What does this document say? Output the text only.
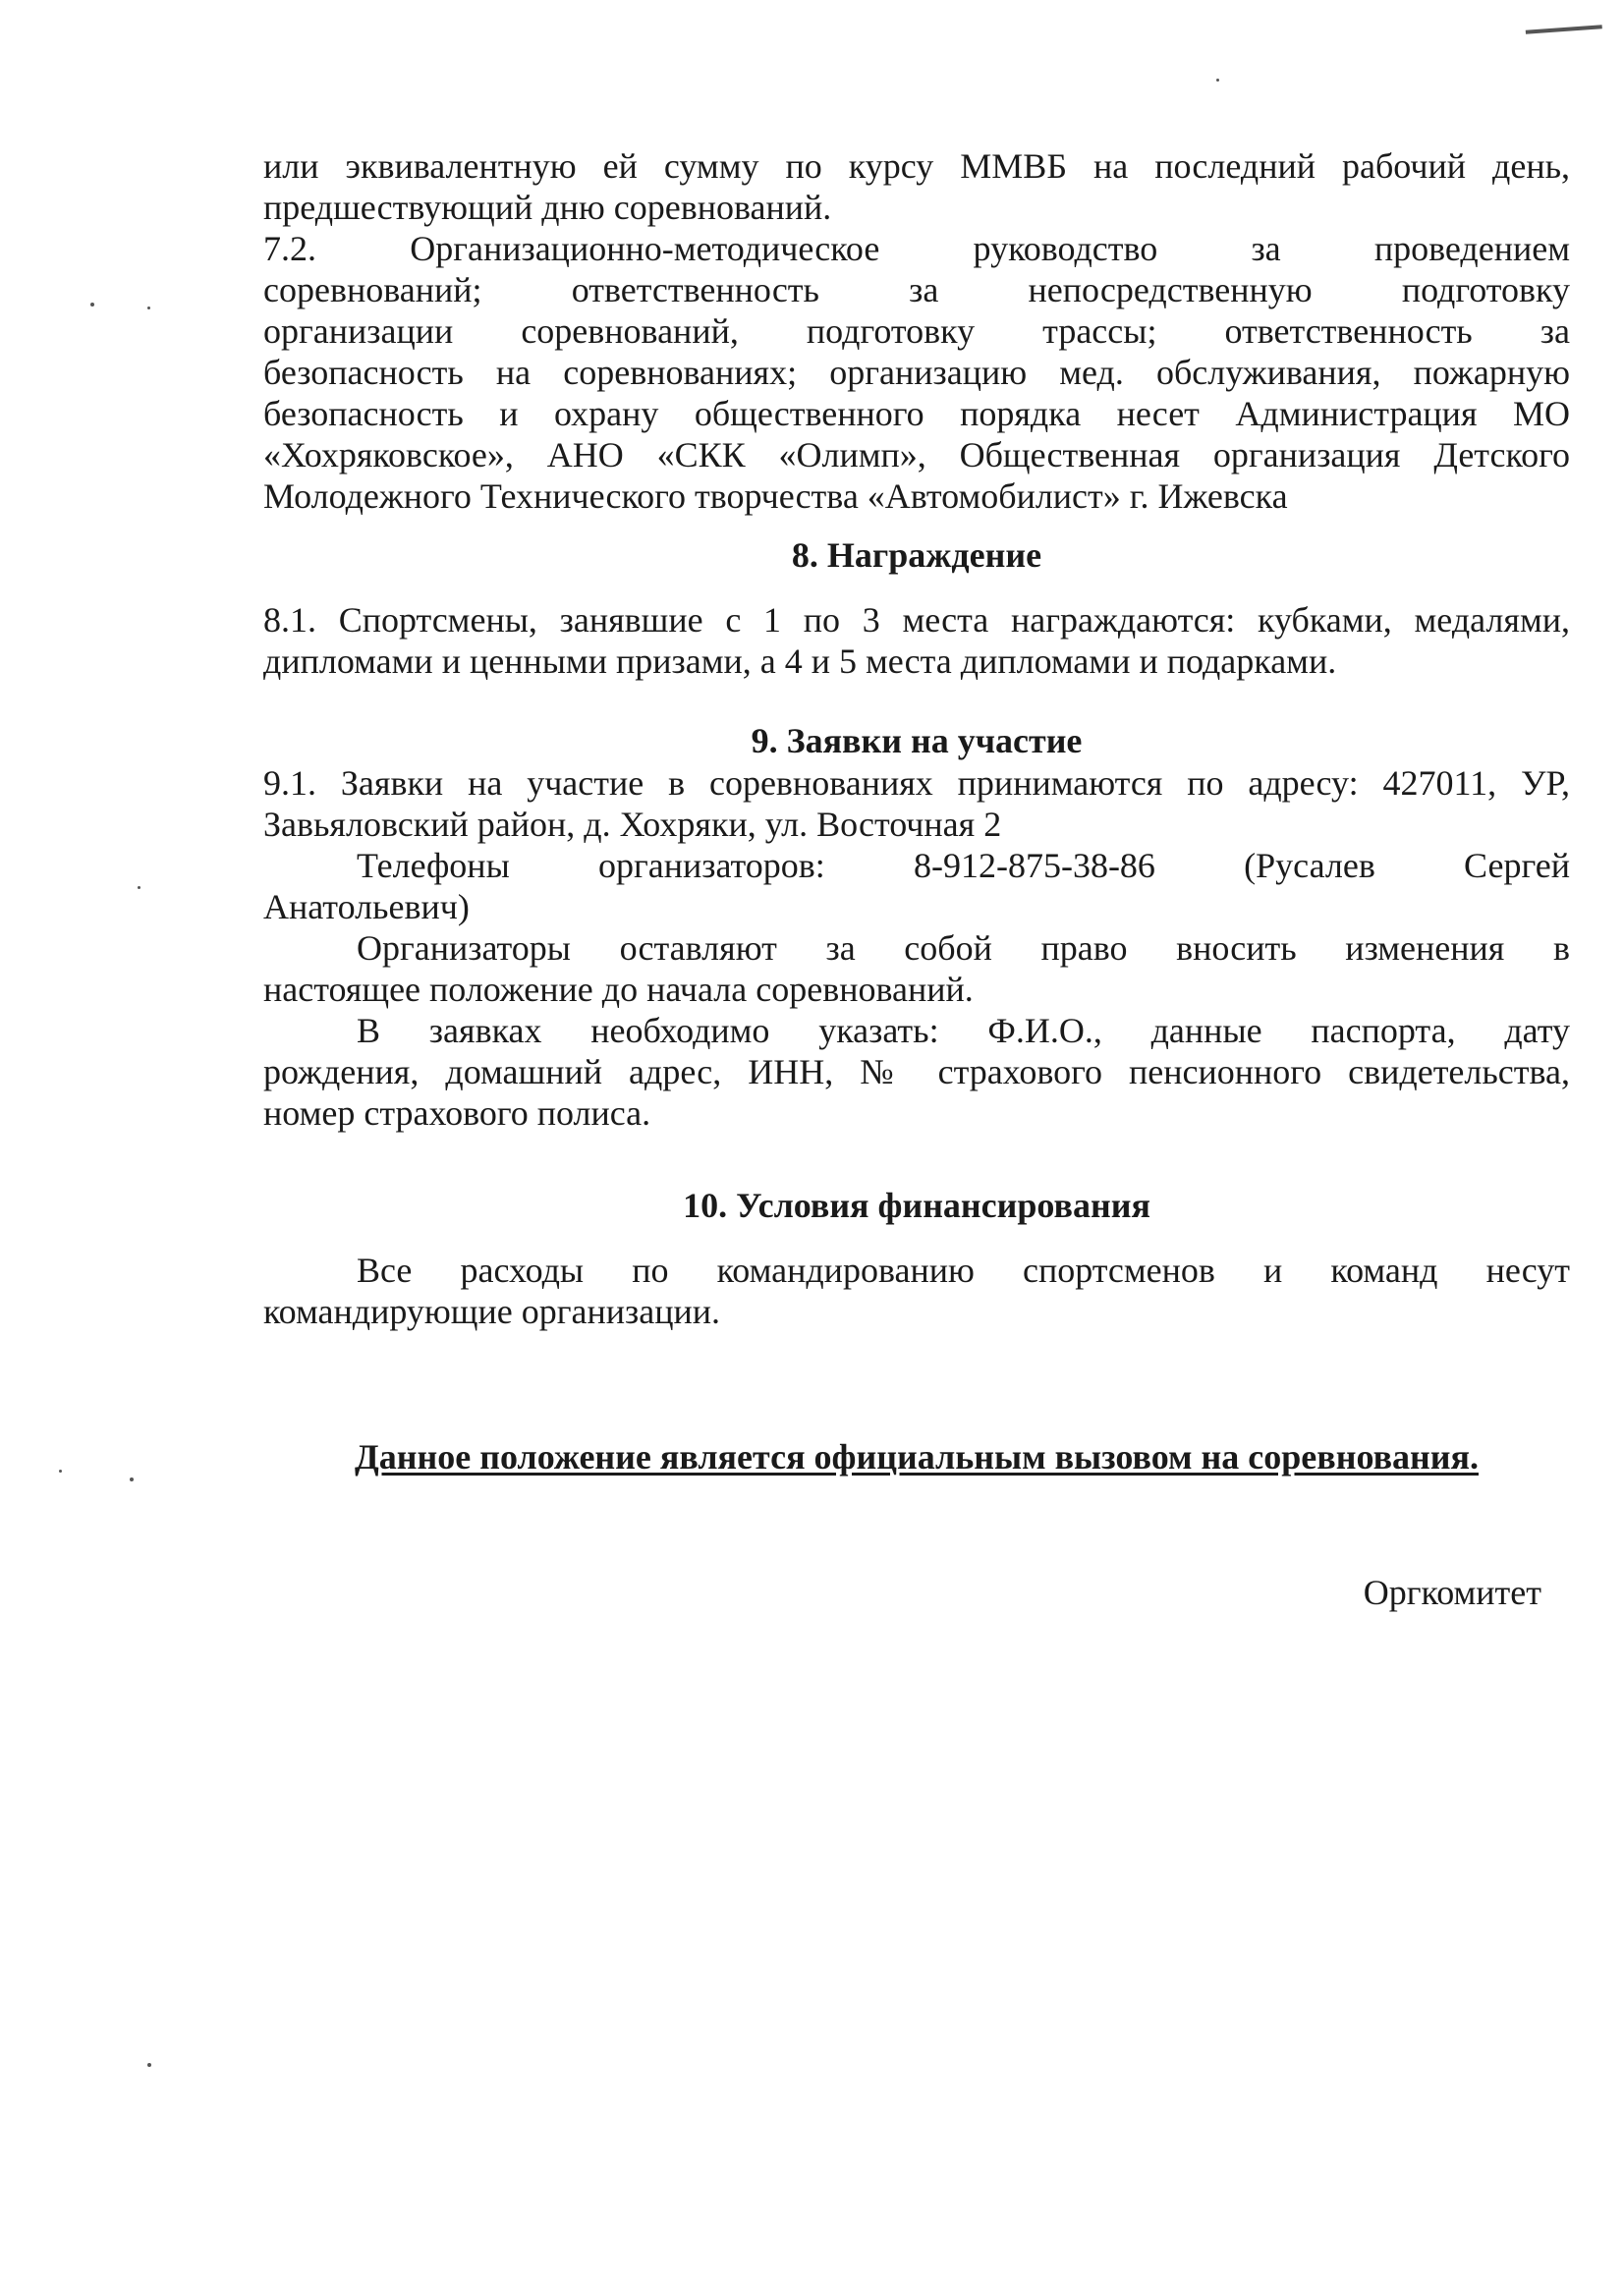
или эквивалентную ей сумму по курсу ММВБ на последний рабочий день,
предшествующий дню соревнований.
7.2. Организационно-методическое руководство за проведением
соревнований; ответственность за непосредственную подготовку
организации соревнований, подготовку трассы; ответственность за
безопасность на соревнованиях; организацию мед. обслуживания, пожарную
безопасность и охрану общественного порядка несет Администрация МО
«Хохряковское», АНО «СКК «Олимп», Общественная организация Детского
Молодежного Технического творчества «Автомобилист» г. Ижевска
8. Награждение
8.1. Спортсмены, занявшие с 1 по 3 места награждаются: кубками, медалями,
дипломами и ценными призами, а 4 и 5 места дипломами и подарками.
9. Заявки на участие
9.1. Заявки на участие в соревнованиях принимаются по адресу: 427011, УР,
Завьяловский район, д. Хохряки, ул. Восточная 2
Телефоны организаторов: 8-912-875-38-86 (Русалев Сергей
Анатольевич)
Организаторы оставляют за собой право вносить изменения в
настоящее положение до начала соревнований.
В заявках необходимо указать: Ф.И.О., данные паспорта, дату
рождения, домашний адрес, ИНН, № страхового пенсионного свидетельства,
номер страхового полиса.
10. Условия финансирования
Все расходы по командированию спортсменов и команд несут
командирующие организации.
Данное положение является официальным вызовом на соревнования.
Оргкомитет
